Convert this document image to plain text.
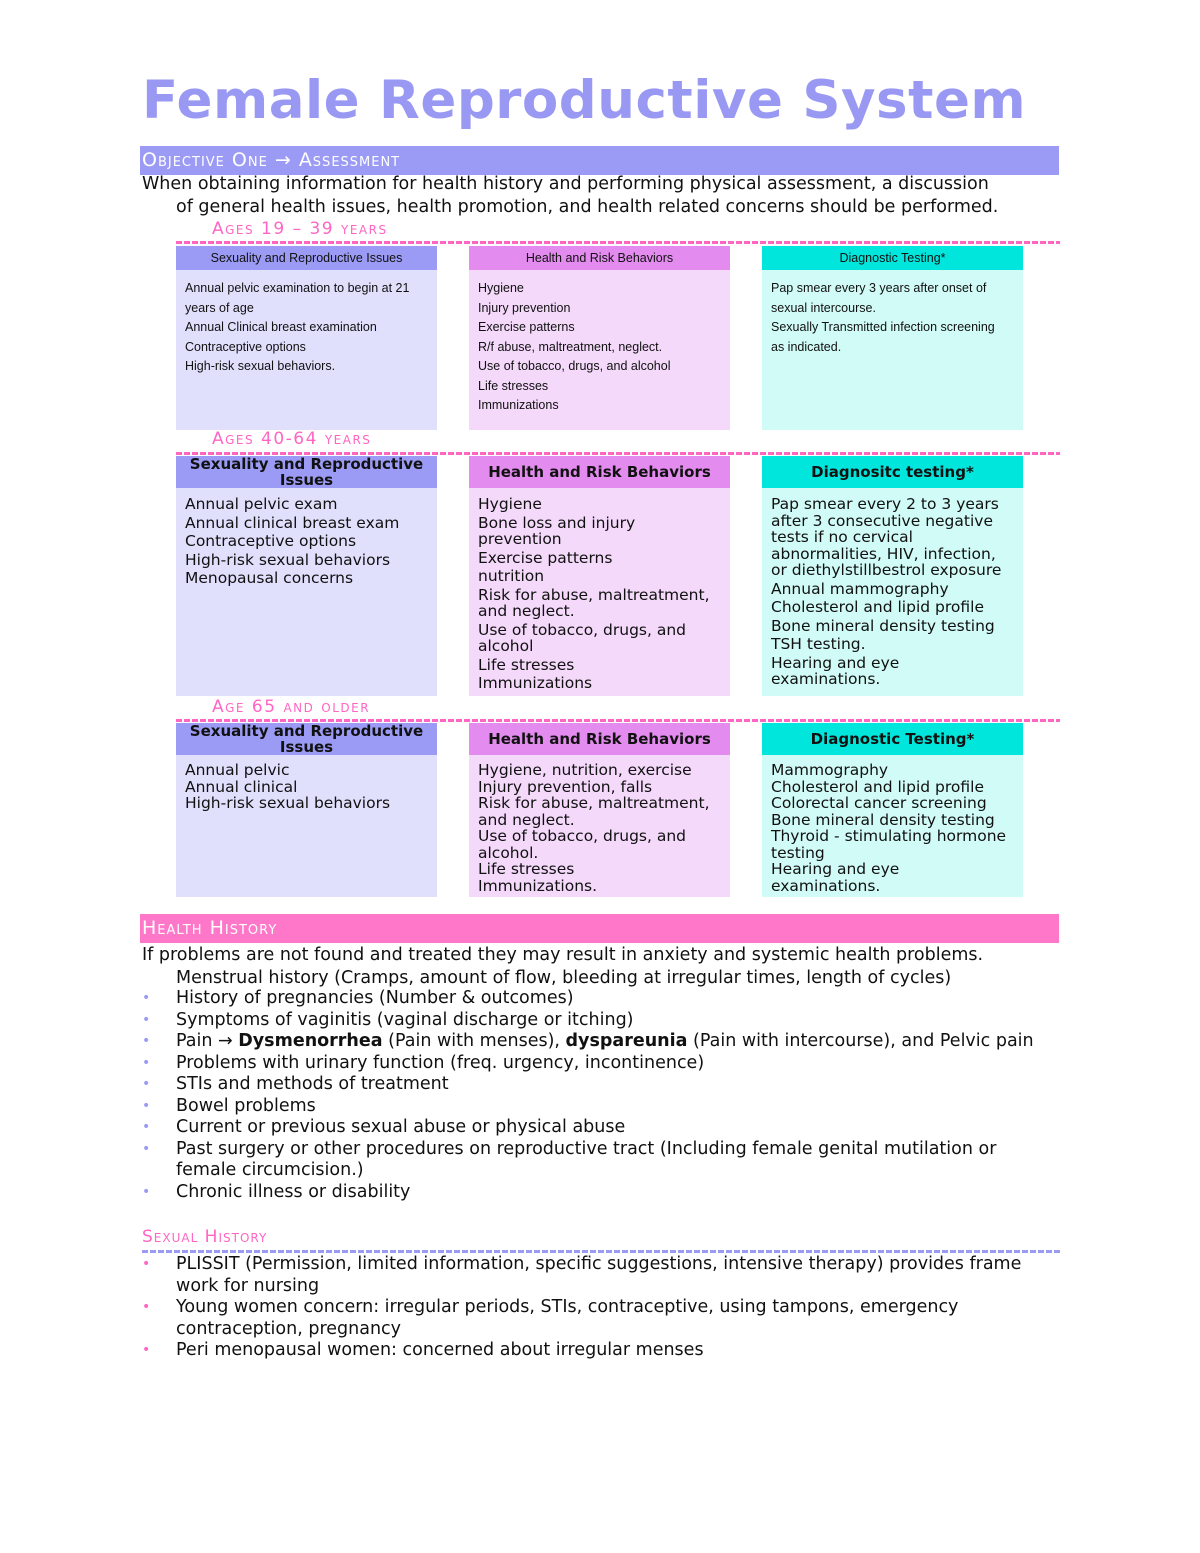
Female Reproductive System
Objective One → Assessment
When obtaining information for health history and performing physical assessment, a discussion
of general health issues, health promotion, and health related concerns should be performed.
Ages 19 – 39 years
Sexuality and Reproductive Issues
Annual pelvic examination to begin at 21 years of age
Annual Clinical breast examination
Contraceptive options
High-risk sexual behaviors.
Health and Risk Behaviors
Hygiene
Injury prevention
Exercise patterns
R/f abuse, maltreatment, neglect.
Use of tobacco, drugs, and alcohol
Life stresses
Immunizations
Diagnostic Testing*
Pap smear every 3 years after onset of sexual intercourse.
Sexually Transmitted infection screening as indicated.
Ages 40-64 years
Sexuality and Reproductive Issues
Annual pelvic exam
Annual clinical breast exam
Contraceptive options
High-risk sexual behaviors
Menopausal concerns
Health and Risk Behaviors
Hygiene
Bone loss and injury prevention
Exercise patterns
nutrition
Risk for abuse, maltreatment, and neglect.
Use of tobacco, drugs, and alcohol
Life stresses
Immunizations
Diagnositc testing*
Pap smear every 2 to 3 years after 3 consecutive negative tests if no cervical abnormalities, HIV, infection, or diethylstillbestrol exposure
Annual mammography
Cholesterol and lipid profile
Bone mineral density testing
TSH testing.
Hearing and eye examinations.
Age 65 and older
Sexuality and Reproductive Issues
Annual pelvic
Annual clinical
High-risk sexual behaviors
Health and Risk Behaviors
Hygiene, nutrition, exercise
Injury prevention, falls
Risk for abuse, maltreatment, and neglect.
Use of tobacco, drugs, and alcohol.
Life stresses
Immunizations.
Diagnostic Testing*
Mammography
Cholesterol and lipid profile
Colorectal cancer screening
Bone mineral density testing
Thyroid - stimulating hormone testing
Hearing and eye examinations.
Health History
If problems are not found and treated they may result in anxiety and systemic health problems.
Menstrual history (Cramps, amount of flow, bleeding at irregular times, length of cycles)
• History of pregnancies (Number & outcomes)
• Symptoms of vaginitis (vaginal discharge or itching)
• Pain → Dysmenorrhea (Pain with menses), dyspareunia (Pain with intercourse), and Pelvic pain
• Problems with urinary function (freq. urgency, incontinence)
• STIs and methods of treatment
• Bowel problems
• Current or previous sexual abuse or physical abuse
• Past surgery or other procedures on reproductive tract (Including female genital mutilation or female circumcision.)
• Chronic illness or disability
Sexual History
• PLISSIT (Permission, limited information, specific suggestions, intensive therapy) provides frame work for nursing
• Young women concern: irregular periods, STIs, contraceptive, using tampons, emergency contraception, pregnancy
• Peri menopausal women: concerned about irregular menses
